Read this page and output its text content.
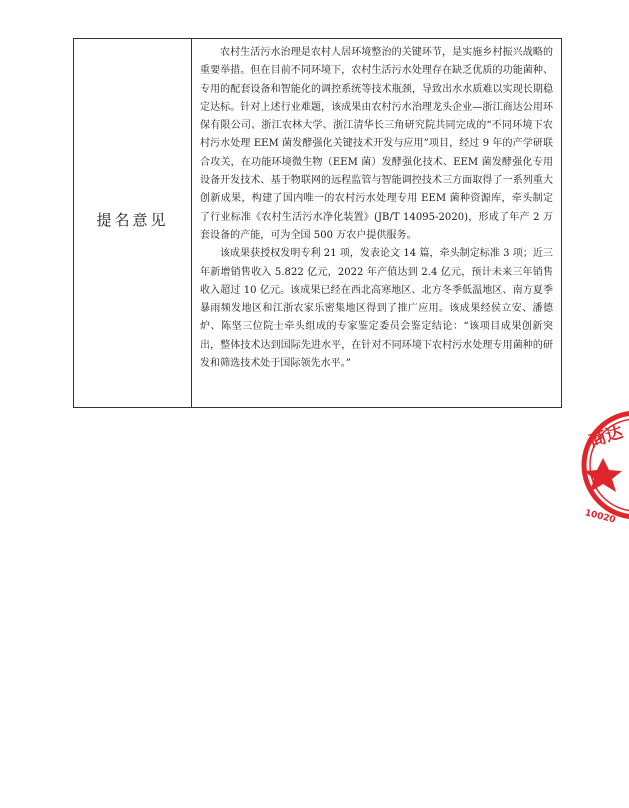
提名意见

农村生活污水治理是农村人居环境整治的关键环节，是实施乡村振兴战略的重要举措。但在目前不同环境下，农村生活污水处理存在缺乏优质的功能菌种、专用的配套设备和智能化的调控系统等技术瓶颈，导致出水水质难以实现长期稳定达标。针对上述行业难题，该成果由农村污水治理龙头企业—浙江商达公用环保有限公司、浙江农林大学、浙江清华长三角研究院共同完成的“不同环境下农村污水处理 EEM 菌发酵强化关键技术开发与应用”项目，经过 9 年的产学研联合攻关，在功能环境微生物（EEM 菌）发酵强化技术、EEM 菌发酵强化专用设备开发技术、基于物联网的远程监管与智能调控技术三方面取得了一系列重大创新成果，构建了国内唯一的农村污水处理专用 EEM 菌种资源库，牵头制定了行业标准《农村生活污水净化装置》(JB/T 14095-2020)，形成了年产 2 万套设备的产能，可为全国 500 万农户提供服务。

该成果获授权发明专利 21 项，发表论文 14 篇，牵头制定标准 3 项；近三年新增销售收入 5.822 亿元，2022 年产值达到 2.4 亿元，预计未来三年销售收入超过 10 亿元。该成果已经在西北高寒地区、北方冬季低温地区、南方夏季暴雨频发地区和江浙农家乐密集地区得到了推广应用。该成果经侯立安、潘德炉、陈坚三位院士牵头组成的专家鉴定委员会鉴定结论：“该项目成果创新突出，整体技术达到国际先进水平，在针对不同环境下农村污水处理专用菌种的研发和筛选技术处于国际领先水平。”

商达
10020
